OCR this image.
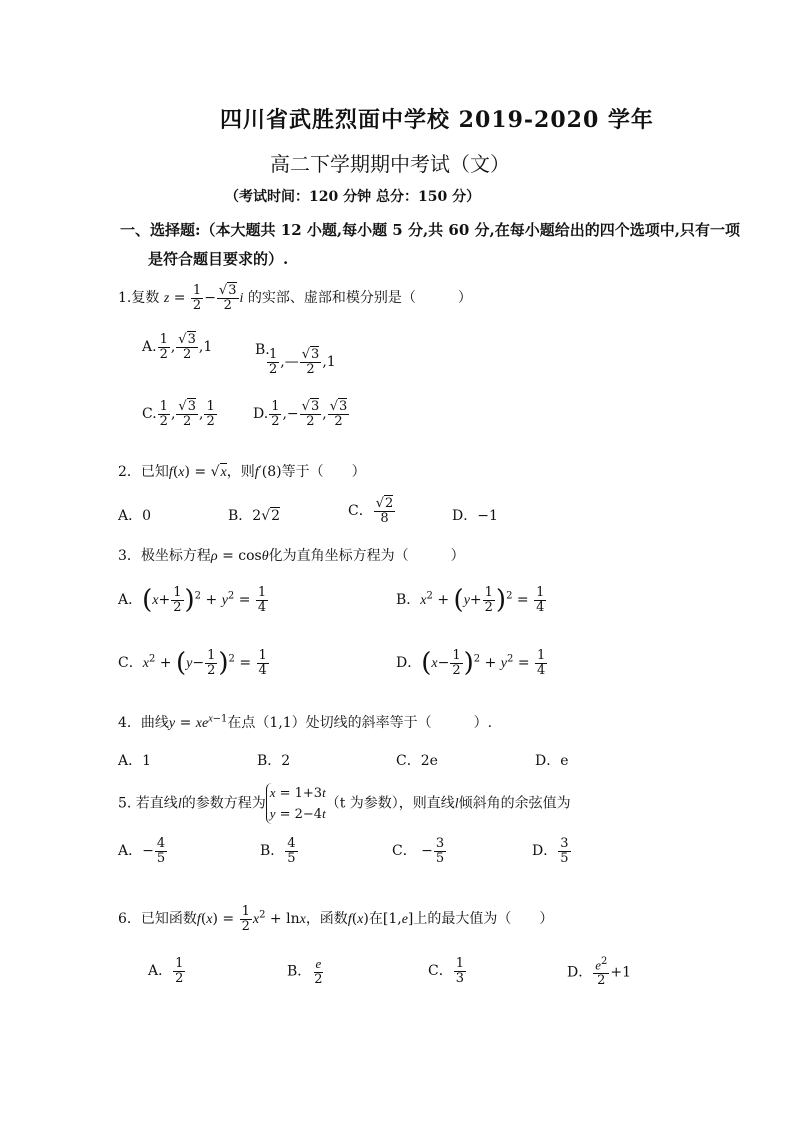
四川省武胜烈面中学校 2019-2020 学年
高二下学期期中考试（文）
（考试时间：120 分钟 总分：150 分）
一、选择题:（本大题共 12 小题,每小题 5 分,共 60 分,在每小题给出的四个选项中,只有一项
是符合题目要求的）.
1.复数 $z = \frac{1}{2} - \frac{√3}{2}$ i 的实部、虚部和模分别是（　　　）
A. $\frac{1}{2}$ , $\frac{√3}{2} ,1$	B.
$\frac{1}{2}$ ,— $\frac{√3}{2} ,1$
C. $\frac{1}{2}$ , $\frac{√3}{2}$ , $\frac{1}{2}$	D. $\frac{1}{2}$ ,− $\frac{√3}{2}$ , $\frac{√3}{2}$
2．已知f(x) = √x，则f′(8)等于（　　）
A．0	B．2√2	C． $\frac{√2}{8}$	D．−1
3．极坐标方程ρ = cosθ化为直角坐标方程为（　　　）
A．$(x+ \frac{1}{2} )^2 + y^2 = \frac{1}{4}$	B．$x^2 + (y+ \frac{1}{2} )^2 = \frac{1}{4}$
C．$x^2 + (y- \frac{1}{2} )^2 = \frac{1}{4}$	D．$(x- \frac{1}{2} )^2 + y^2 = \frac{1}{4}$
4．曲线$y = xe^{x-1}$在点（1,1）处切线的斜率等于（　　　）.
A．1	B．2	C．2e	D．e
5. 若直线l的参数方程为
x = 1+3t
y = 2−4t
（t 为参数），则直线l倾斜角的余弦值为
A．− $\frac{4}{5}$	B． $\frac{4}{5}$	C． − $\frac{3}{5}$	D． $\frac{3}{5}$
6．已知函数$f(x) = \frac{1}{2} x^2 + \ln x$，函数f(x)在[1,e]上的最大值为（　　）
A． $\frac{1}{2}$	B． $\frac{e}{2}$	C． $\frac{1}{3}$	D． $\frac{e^2}{2} +1$
